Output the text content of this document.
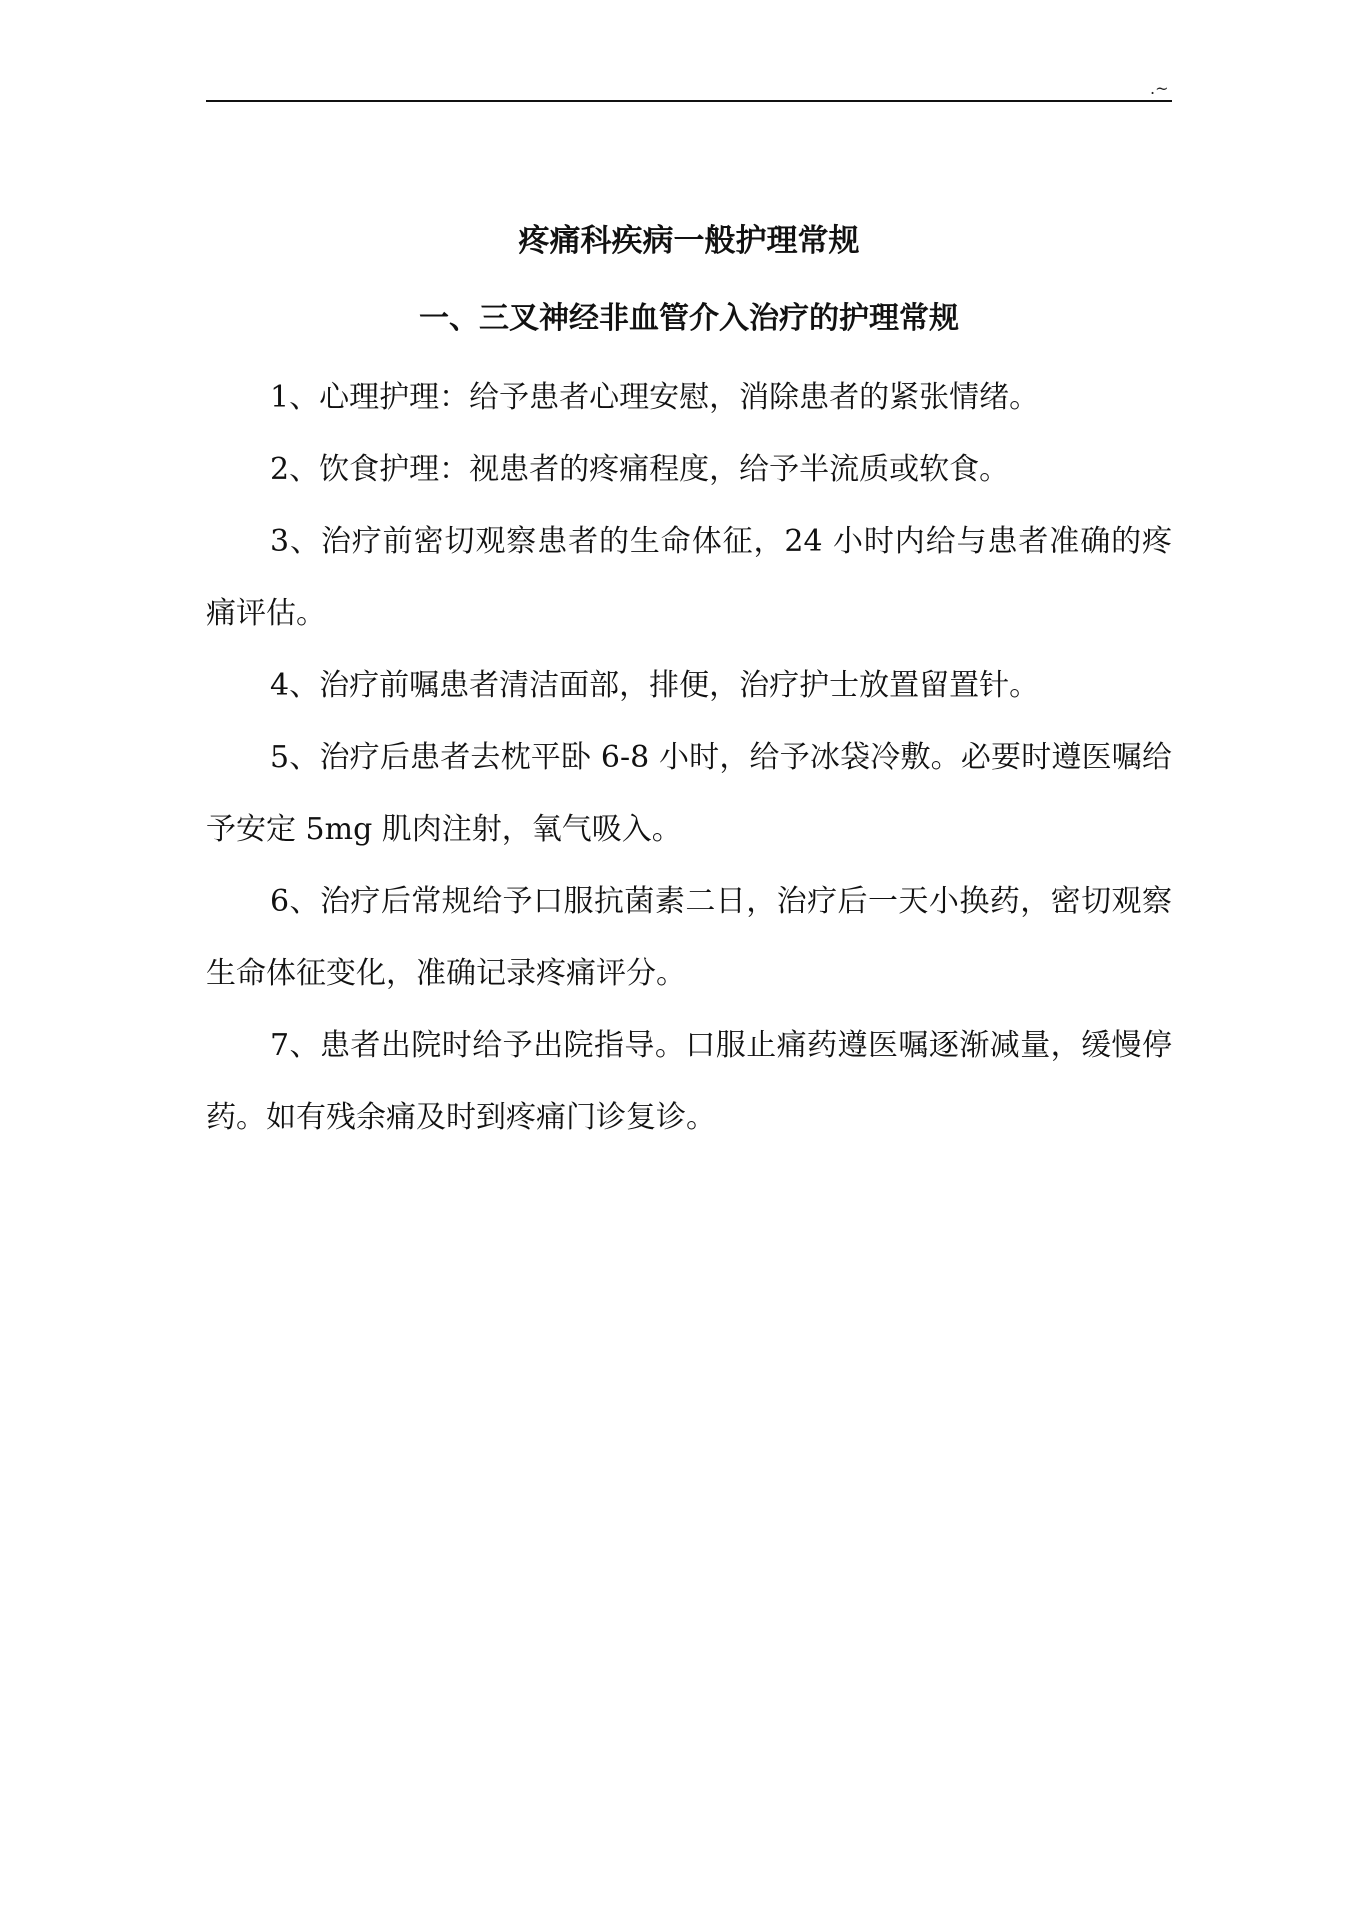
.~
疼痛科疾病一般护理常规
一、三叉神经非血管介入治疗的护理常规

1、心理护理：给予患者心理安慰，消除患者的紧张情绪。

2、饮食护理：视患者的疼痛程度，给予半流质或软食。

3、治疗前密切观察患者的生命体征，24 小时内给与患者准确的疼痛评估。

4、治疗前嘱患者清洁面部，排便，治疗护士放置留置针。

5、治疗后患者去枕平卧 6-8 小时，给予冰袋冷敷。必要时遵医嘱给予安定 5mg 肌肉注射，氧气吸入。

6、治疗后常规给予口服抗菌素二日，治疗后一天小换药，密切观察生命体征变化，准确记录疼痛评分。

7、患者出院时给予出院指导。口服止痛药遵医嘱逐渐减量，缓慢停药。如有残余痛及时到疼痛门诊复诊。
